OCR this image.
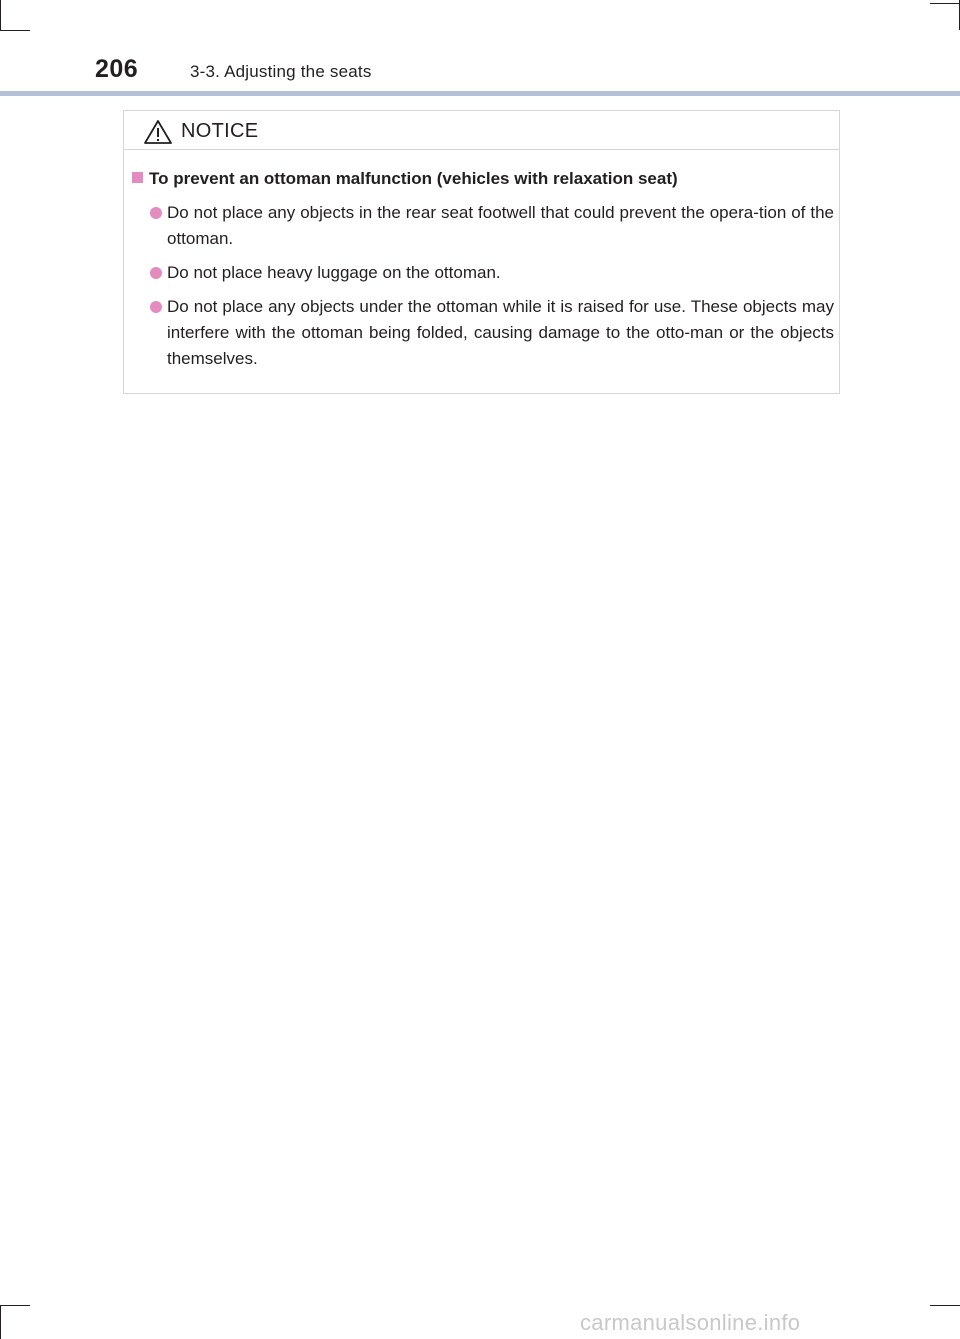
206	3-3. Adjusting the seats
NOTICE
To prevent an ottoman malfunction (vehicles with relaxation seat)
Do not place any objects in the rear seat footwell that could prevent the opera-tion of the ottoman.
Do not place heavy luggage on the ottoman.
Do not place any objects under the ottoman while it is raised for use. These objects may interfere with the ottoman being folded, causing damage to the otto-man or the objects themselves.
carmanualsonline.info
